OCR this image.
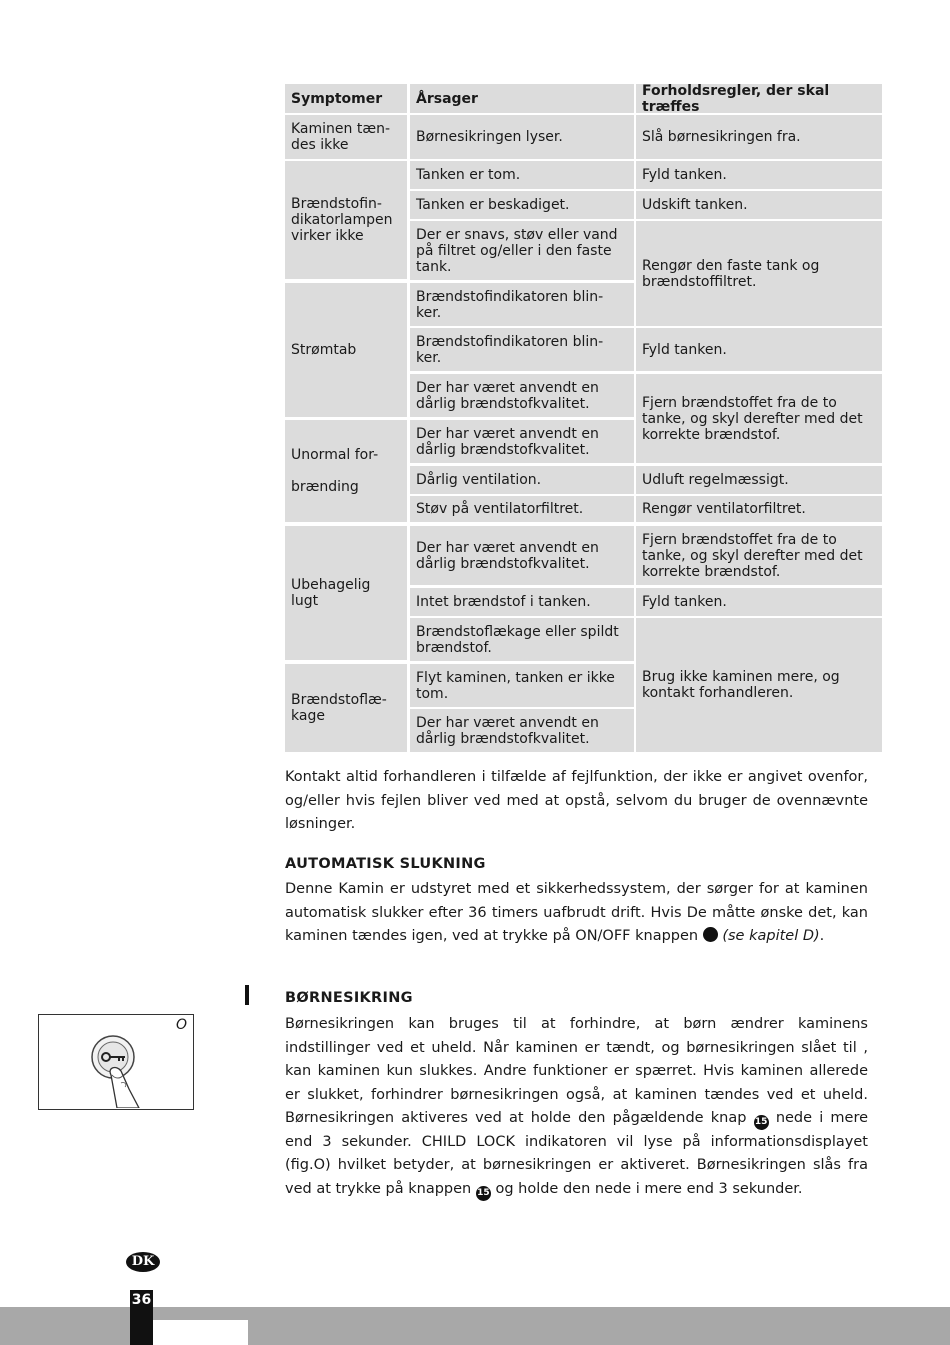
Symptomer Årsager	Forholdsregler, der skal træffes
Kaminen tæn-
des ikke
Brændstofin-
dikatorlampen
virker ikke
Strømtab
Unormal for-

brænding
Ubehagelig
lugt
Brændstoflæ-
kage
Børnesikringen lyser.
Tanken er tom.
Tanken er beskadiget.
Der er snavs, støv eller vand
på filtret og/eller i den faste
tank.
Brændstofindikatoren blin-
ker.
Brændstofindikatoren blin-
ker.
Der har været anvendt en
dårlig brændstofkvalitet.
Der har været anvendt en
dårlig brændstofkvalitet.
Dårlig ventilation.
Støv på ventilatorfiltret.
Der har været anvendt en
dårlig brændstofkvalitet.
Intet brændstof i tanken.
Brændstoflækage eller spildt
brændstof.
Flyt kaminen, tanken er ikke
tom.
Der har været anvendt en
dårlig brændstofkvalitet.
Slå børnesikringen fra.
Fyld tanken.
Udskift tanken.
Rengør den faste tank og
brændstoffiltret.
Fyld tanken.
Fjern brændstoffet fra de to
tanke, og skyl derefter med det
korrekte brændstof.
Udluft regelmæssigt.
Rengør ventilatorfiltret.
Fjern brændstoffet fra de to
tanke, og skyl derefter med det
korrekte brændstof.
Fyld tanken.
Brug ikke kaminen mere, og
kontakt forhandleren.
Kontakt altid forhandleren i tilfælde af fejlfunktion, der ikke er angivet ovenfor, og/eller hvis fejlen bliver ved med at opstå, selvom du bruger de ovennævnte løsninger.
AUTOMATISK SLUKNING
Denne Kamin er udstyret med et sikkerhedssystem, der sørger for at kaminen automatisk slukker efter 36 timers uafbrudt drift. Hvis De måtte ønske det, kan kaminen tændes igen, ved at trykke på ON/OFF knappen (se kapitel D).
BØRNESIKRING
Børnesikringen kan bruges til at forhindre, at børn ændrer kaminens indstillinger ved et uheld. Når kaminen er tændt, og børnesikringen slået til , kan kaminen kun slukkes. Andre funktioner er spærret. Hvis kaminen allerede er slukket, forhindrer børnesikringen også, at kaminen tændes ved et uheld. Børnesikringen aktiveres ved at holde den pågældende knap 15 nede i mere end 3 sekunder. CHILD LOCK indikatoren vil lyse på informationsdisplayet (fig.O) hvilket betyder, at børnesikringen er aktiveret. Børnesikringen slås fra ved at trykke på knappen 15 og holde den nede i mere end 3 sekunder.
O
DK
36
